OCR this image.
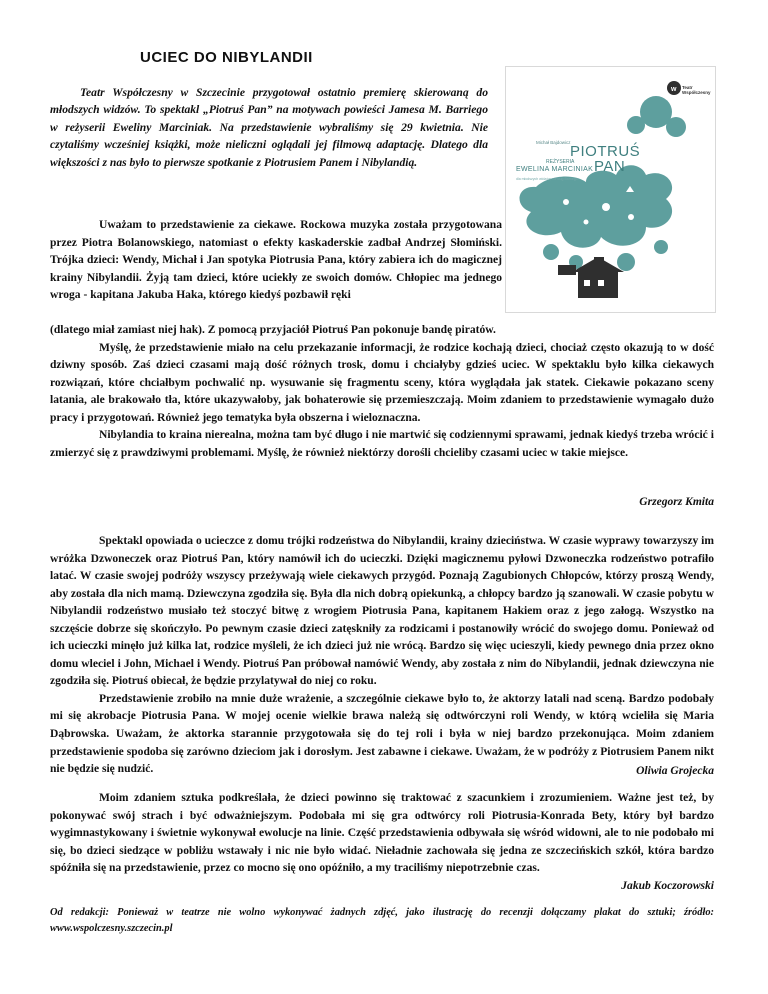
UCIEC DO NIBYLANDII

Teatr Współczesny w Szczecinie przygotował ostatnio premierę skierowaną do młodszych widzów. To spektakl „Piotruś Pan” na motywach powieści Jamesa M. Barriego w reżyserii Eweliny Marciniak. Na przedstawienie wybraliśmy się 29 kwietnia. Nie czytaliśmy wcześniej książki, może nieliczni oglądali jej filmową adaptację. Dlatego dla większości z nas było to pierwsze spotkanie z Piotrusiem Panem i Nibylandią.

w Teatr Współczesny
Michał Bajdowicz
PIOTRUŚ
REŻYSERIA
EWELINA MARCINIAK PAN
dla młodszych widzów, według Barriego

Uważam to przedstawienie za ciekawe. Rockowa muzyka została przygotowana przez Piotra Bolanowskiego, natomiast o efekty kaskaderskie zadbał Andrzej Słomiński. Trójka dzieci: Wendy, Michał i Jan spotyka Piotrusia Pana, który zabiera ich do magicznej krainy Nibylandii. Żyją tam dzieci, które uciekły ze swoich domów. Chłopiec ma jednego wroga - kapitana Jakuba Haka, którego kiedyś pozbawił ręki

(dlatego miał zamiast niej hak). Z pomocą przyjaciół Piotruś Pan pokonuje bandę piratów.

Myślę, że przedstawienie miało na celu przekazanie informacji, że rodzice kochają dzieci, chociaż często okazują to w dość dziwny sposób. Zaś dzieci czasami mają dość różnych trosk, domu i chciałyby gdzieś uciec. W spektaklu było kilka ciekawych rozwiązań, które chciałbym pochwalić np. wysuwanie się fragmentu sceny, która wyglądała jak statek. Ciekawie pokazano sceny latania, ale brakowało tła, które ukazywałoby, jak bohaterowie się przemieszczają. Moim zdaniem to przedstawienie wymagało dużo pracy i przygotowań. Również jego tematyka była obszerna i wieloznaczna.

Nibylandia to kraina nierealna, można tam być długo i nie martwić się codziennymi sprawami, jednak kiedyś trzeba wrócić i zmierzyć się z prawdziwymi problemami. Myślę, że również niektórzy dorośli chcieliby czasami uciec w takie miejsce.

Grzegorz Kmita

Spektakl opowiada o ucieczce z domu trójki rodzeństwa do Nibylandii, krainy dzieciństwa. W czasie wyprawy towarzyszy im wróżka Dzwoneczek oraz Piotruś Pan, który namówił ich do ucieczki. Dzięki magicznemu pyłowi Dzwoneczka rodzeństwo potrafiło latać. W czasie swojej podróży wszyscy przeżywają wiele ciekawych przygód. Poznają Zagubionych Chłopców, którzy proszą Wendy, aby została dla nich mamą. Dziewczyna zgodziła się. Była dla nich dobrą opiekunką, a chłopcy bardzo ją szanowali. W czasie pobytu w Nibylandii rodzeństwo musiało też stoczyć bitwę z wrogiem Piotrusia Pana, kapitanem Hakiem oraz z jego załogą. Wszystko na szczęście dobrze się skończyło. Po pewnym czasie dzieci zatęskniły za rodzicami i postanowiły wrócić do swojego domu. Ponieważ od ich ucieczki minęło już kilka lat, rodzice myśleli, że ich dzieci już nie wrócą. Bardzo się więc ucieszyli, kiedy pewnego dnia przez okno domu wleciel i John, Michael i Wendy. Piotruś Pan próbował namówić Wendy, aby została z nim do Nibylandii, jednak dziewczyna nie zgodziła się. Piotruś obiecał, że będzie przylatywał do niej co roku.

Przedstawienie zrobiło na mnie duże wrażenie, a szczególnie ciekawe było to, że aktorzy latali nad sceną. Bardzo podobały mi się akrobacje Piotrusia Pana. W mojej ocenie wielkie brawa należą się odtwórczyni roli Wendy, w którą wcieliła się Maria Dąbrowska. Uważam, że aktorka starannie przygotowała się do tej roli i była w niej bardzo przekonująca. Moim zdaniem przedstawienie spodoba się zarówno dzieciom jak i dorosłym. Jest zabawne i ciekawe. Uważam, że w podróży z Piotrusiem Panem nikt nie będzie się nudzić.	Oliwia Grojecka

Moim zdaniem sztuka podkreślała, że dzieci powinno się traktować z szacunkiem i zrozumieniem. Ważne jest też, by pokonywać swój strach i być odważniejszym. Podobała mi się gra odtwórcy roli Piotrusia-Konrada Bety, który był bardzo wygimnastykowany i świetnie wykonywał ewolucje na linie. Część przedstawienia odbywała się wśród widowni, ale to nie podobało mi się, bo dzieci siedzące w pobliżu wstawały i nic nie było widać. Nieładnie zachowała się jedna ze szczecińskich szkół, która bardzo spóźniła się na przedstawienie, przez co mocno się ono opóźniło, a my traciliśmy niepotrzebnie czas.

Jakub Koczorowski

Od redakcji: Ponieważ w teatrze nie wolno wykonywać żadnych zdjęć, jako ilustrację do recenzji dołączamy plakat do sztuki; źródło: www.wspolczesny.szczecin.pl
